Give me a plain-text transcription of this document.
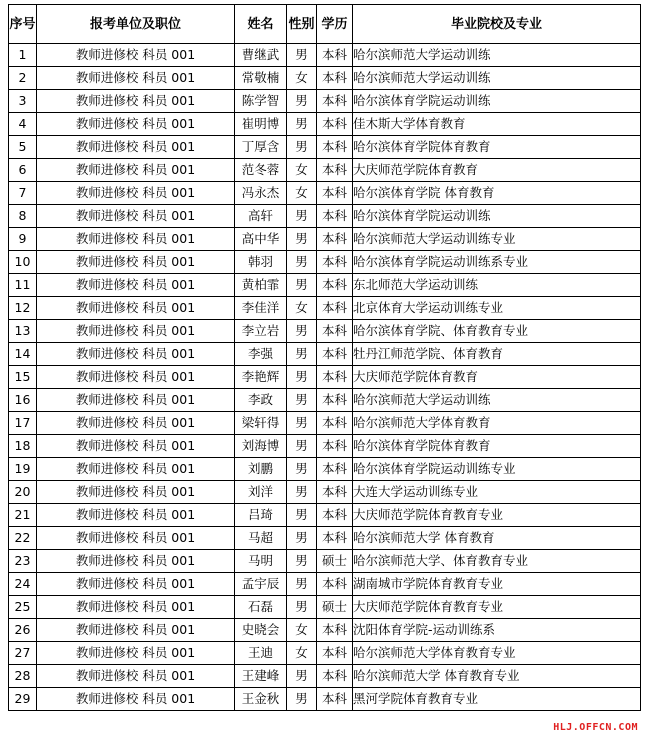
序号	报考单位及职位	姓名	性别	学历	毕业院校及专业
1	教师进修校 科员 001	曹继武	男	本科	哈尔滨师范大学运动训练
2	教师进修校 科员 001	常敬楠	女	本科	哈尔滨师范大学运动训练
3	教师进修校 科员 001	陈学智	男	本科	哈尔滨体育学院运动训练
4	教师进修校 科员 001	崔明博	男	本科	佳木斯大学体育教育
5	教师进修校 科员 001	丁厚含	男	本科	哈尔滨体育学院体育教育
6	教师进修校 科员 001	范冬蓉	女	本科	大庆师范学院体育教育
7	教师进修校 科员 001	冯永杰	女	本科	哈尔滨体育学院 体育教育
8	教师进修校 科员 001	高轩	男	本科	哈尔滨体育学院运动训练
9	教师进修校 科员 001	高中华	男	本科	哈尔滨师范大学运动训练专业
10	教师进修校 科员 001	韩羽	男	本科	哈尔滨体育学院运动训练系专业
11	教师进修校 科员 001	黄柏霏	男	本科	东北师范大学运动训练
12	教师进修校 科员 001	李佳洋	女	本科	北京体育大学运动训练专业
13	教师进修校 科员 001	李立岩	男	本科	哈尔滨体育学院、体育教育专业
14	教师进修校 科员 001	李强	男	本科	牡丹江师范学院、体育教育
15	教师进修校 科员 001	李艳辉	男	本科	大庆师范学院体育教育
16	教师进修校 科员 001	李政	男	本科	哈尔滨师范大学运动训练
17	教师进修校 科员 001	梁轩得	男	本科	哈尔滨师范大学体育教育
18	教师进修校 科员 001	刘海博	男	本科	哈尔滨体育学院体育教育
19	教师进修校 科员 001	刘鹏	男	本科	哈尔滨体育学院运动训练专业
20	教师进修校 科员 001	刘洋	男	本科	大连大学运动训练专业
21	教师进修校 科员 001	吕琦	男	本科	大庆师范学院体育教育专业
22	教师进修校 科员 001	马超	男	本科	哈尔滨师范大学 体育教育
23	教师进修校 科员 001	马明	男	硕士	哈尔滨师范大学、体育教育专业
24	教师进修校 科员 001	孟宇辰	男	本科	湖南城市学院体育教育专业
25	教师进修校 科员 001	石磊	男	硕士	大庆师范学院体育教育专业
26	教师进修校 科员 001	史晓会	女	本科	沈阳体育学院-运动训练系
27	教师进修校 科员 001	王迪	女	本科	哈尔滨师范大学体育教育专业
28	教师进修校 科员 001	王建峰	男	本科	哈尔滨师范大学 体育教育专业
29	教师进修校 科员 001	王金秋	男	本科	黑河学院体育教育专业
HLJ.OFFCN.COM
